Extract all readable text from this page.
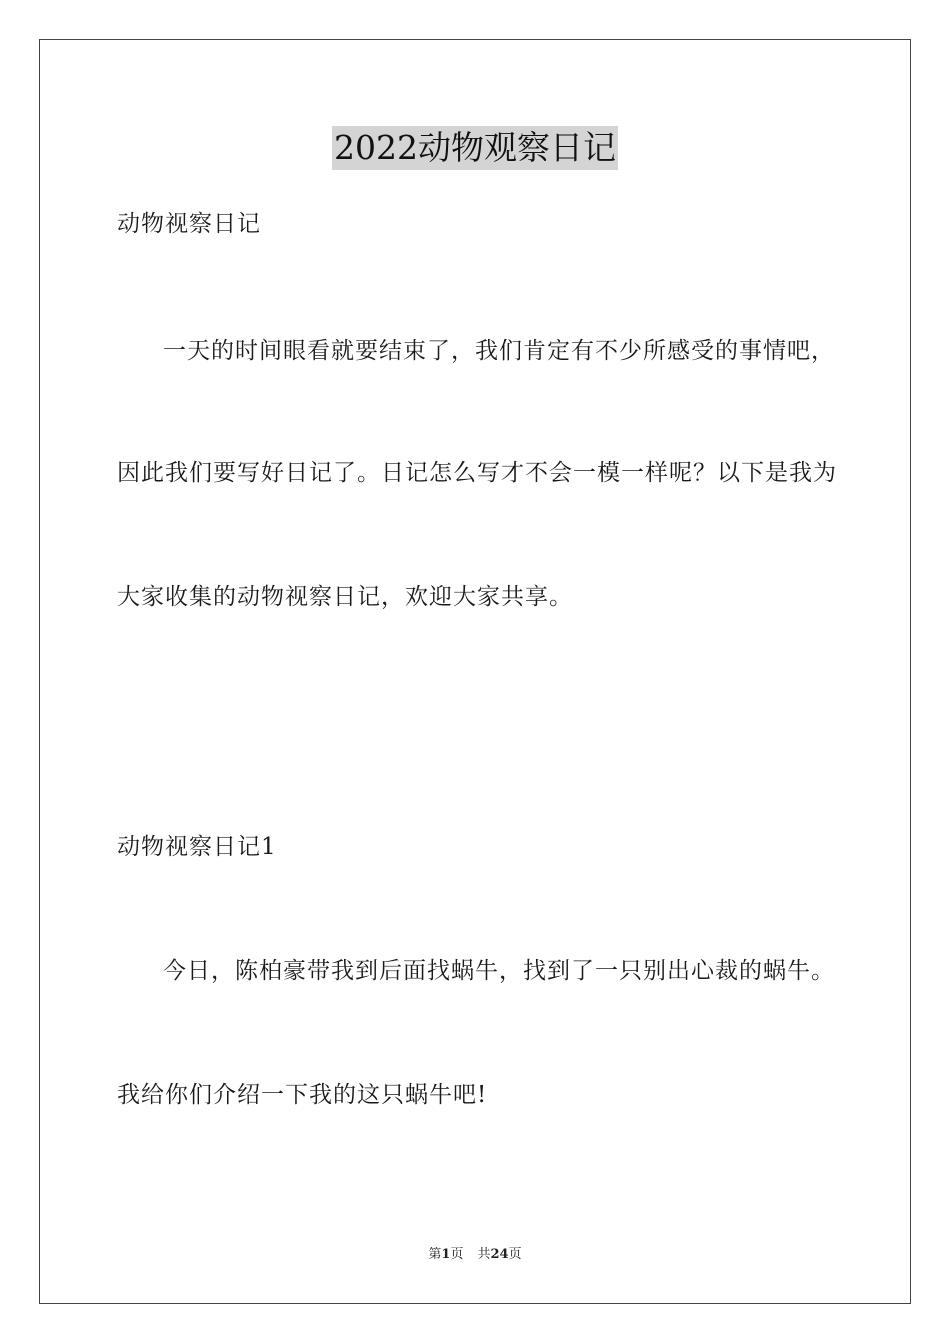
2022动物观察日记
动物视察日记
一天的时间眼看就要结束了，我们肯定有不少所感受的事情吧，
因此我们要写好日记了。日记怎么写才不会一模一样呢？以下是我为
大家收集的动物视察日记，欢迎大家共享。
动物视察日记1
今日，陈柏豪带我到后面找蜗牛，找到了一只别出心裁的蜗牛。
我给你们介绍一下我的这只蜗牛吧!
第1页 共24页
